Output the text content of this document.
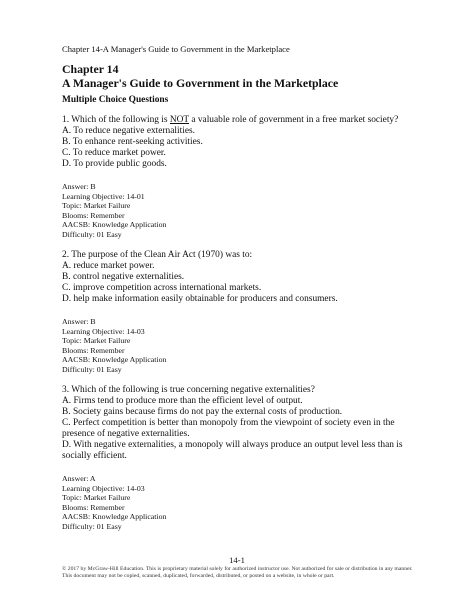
Chapter 14-A Manager's Guide to Government in the Marketplace
Chapter 14
A Manager's Guide to Government in the Marketplace
Multiple Choice Questions
1. Which of the following is NOT a valuable role of government in a free market society?
A. To reduce negative externalities.
B. To enhance rent-seeking activities.
C. To reduce market power.
D. To provide public goods.
Answer: B
Learning Objective: 14-01
Topic: Market Failure
Blooms: Remember
AACSB: Knowledge Application
Difficulty: 01 Easy
2. The purpose of the Clean Air Act (1970) was to:
A. reduce market power.
B. control negative externalities.
C. improve competition across international markets.
D. help make information easily obtainable for producers and consumers.
Answer: B
Learning Objective: 14-03
Topic: Market Failure
Blooms: Remember
AACSB: Knowledge Application
Difficulty: 01 Easy
3. Which of the following is true concerning negative externalities?
A. Firms tend to produce more than the efficient level of output.
B. Society gains because firms do not pay the external costs of production.
C. Perfect competition is better than monopoly from the viewpoint of society even in the presence of negative externalities.
D. With negative externalities, a monopoly will always produce an output level less than is socially efficient.
Answer: A
Learning Objective: 14-03
Topic: Market Failure
Blooms: Remember
AACSB: Knowledge Application
Difficulty: 01 Easy
14-1
© 2017 by McGraw-Hill Education. This is proprietary material solely for authorized instructor use. Not authorized for sale or distribution in any manner. This document may not be copied, scanned, duplicated, forwarded, distributed, or posted on a website, in whole or part.
